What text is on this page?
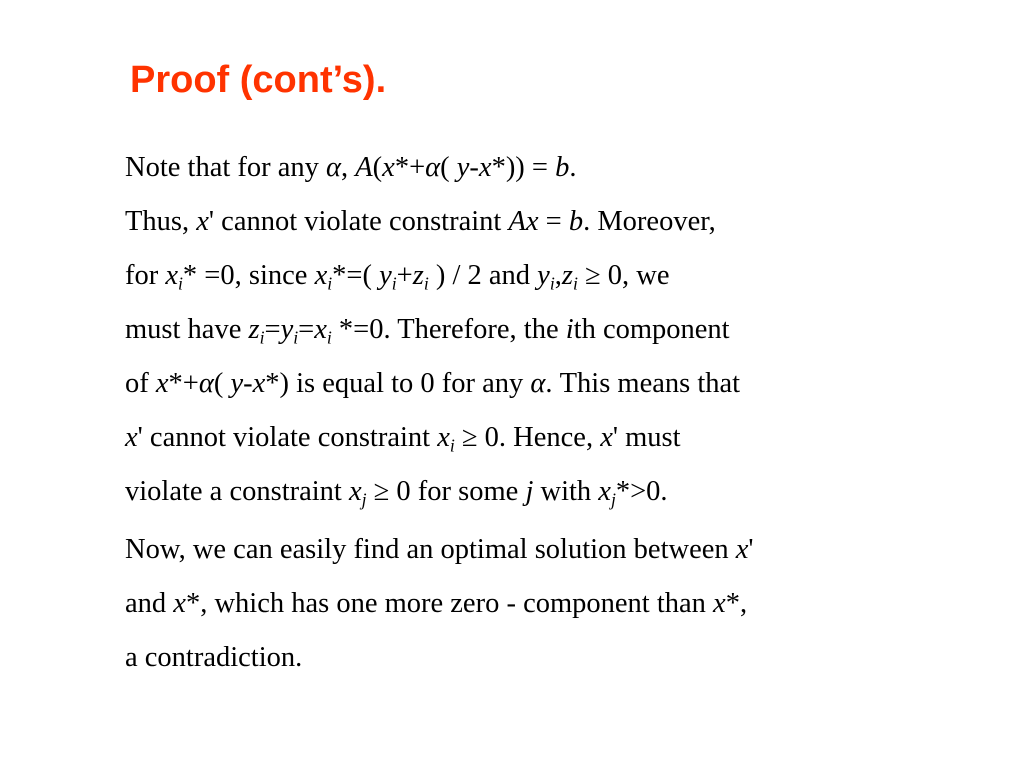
Proof (cont’s).
Note that for any α, A(x*+α( y-x*)) = b.
Thus, x' cannot violate constraint Ax = b. Moreover,
for $x_i* =0$, since $x_i*=$( $y_i+z_i$ ) / 2 and $y_i,z_i \ge 0$, we
must have $z_i=y_i=x_i$ *=0. Therefore, the ith component
of x*+α( y-x*) is equal to 0 for any α. This means that
x' cannot violate constraint $x_i \ge 0$. Hence, x' must
violate a constraint $x_j \ge 0$ for some j with $x_j*>0$.
Now, we can easily find an optimal solution between x'
and x*, which has one more zero - component than x*,
a contradiction.
